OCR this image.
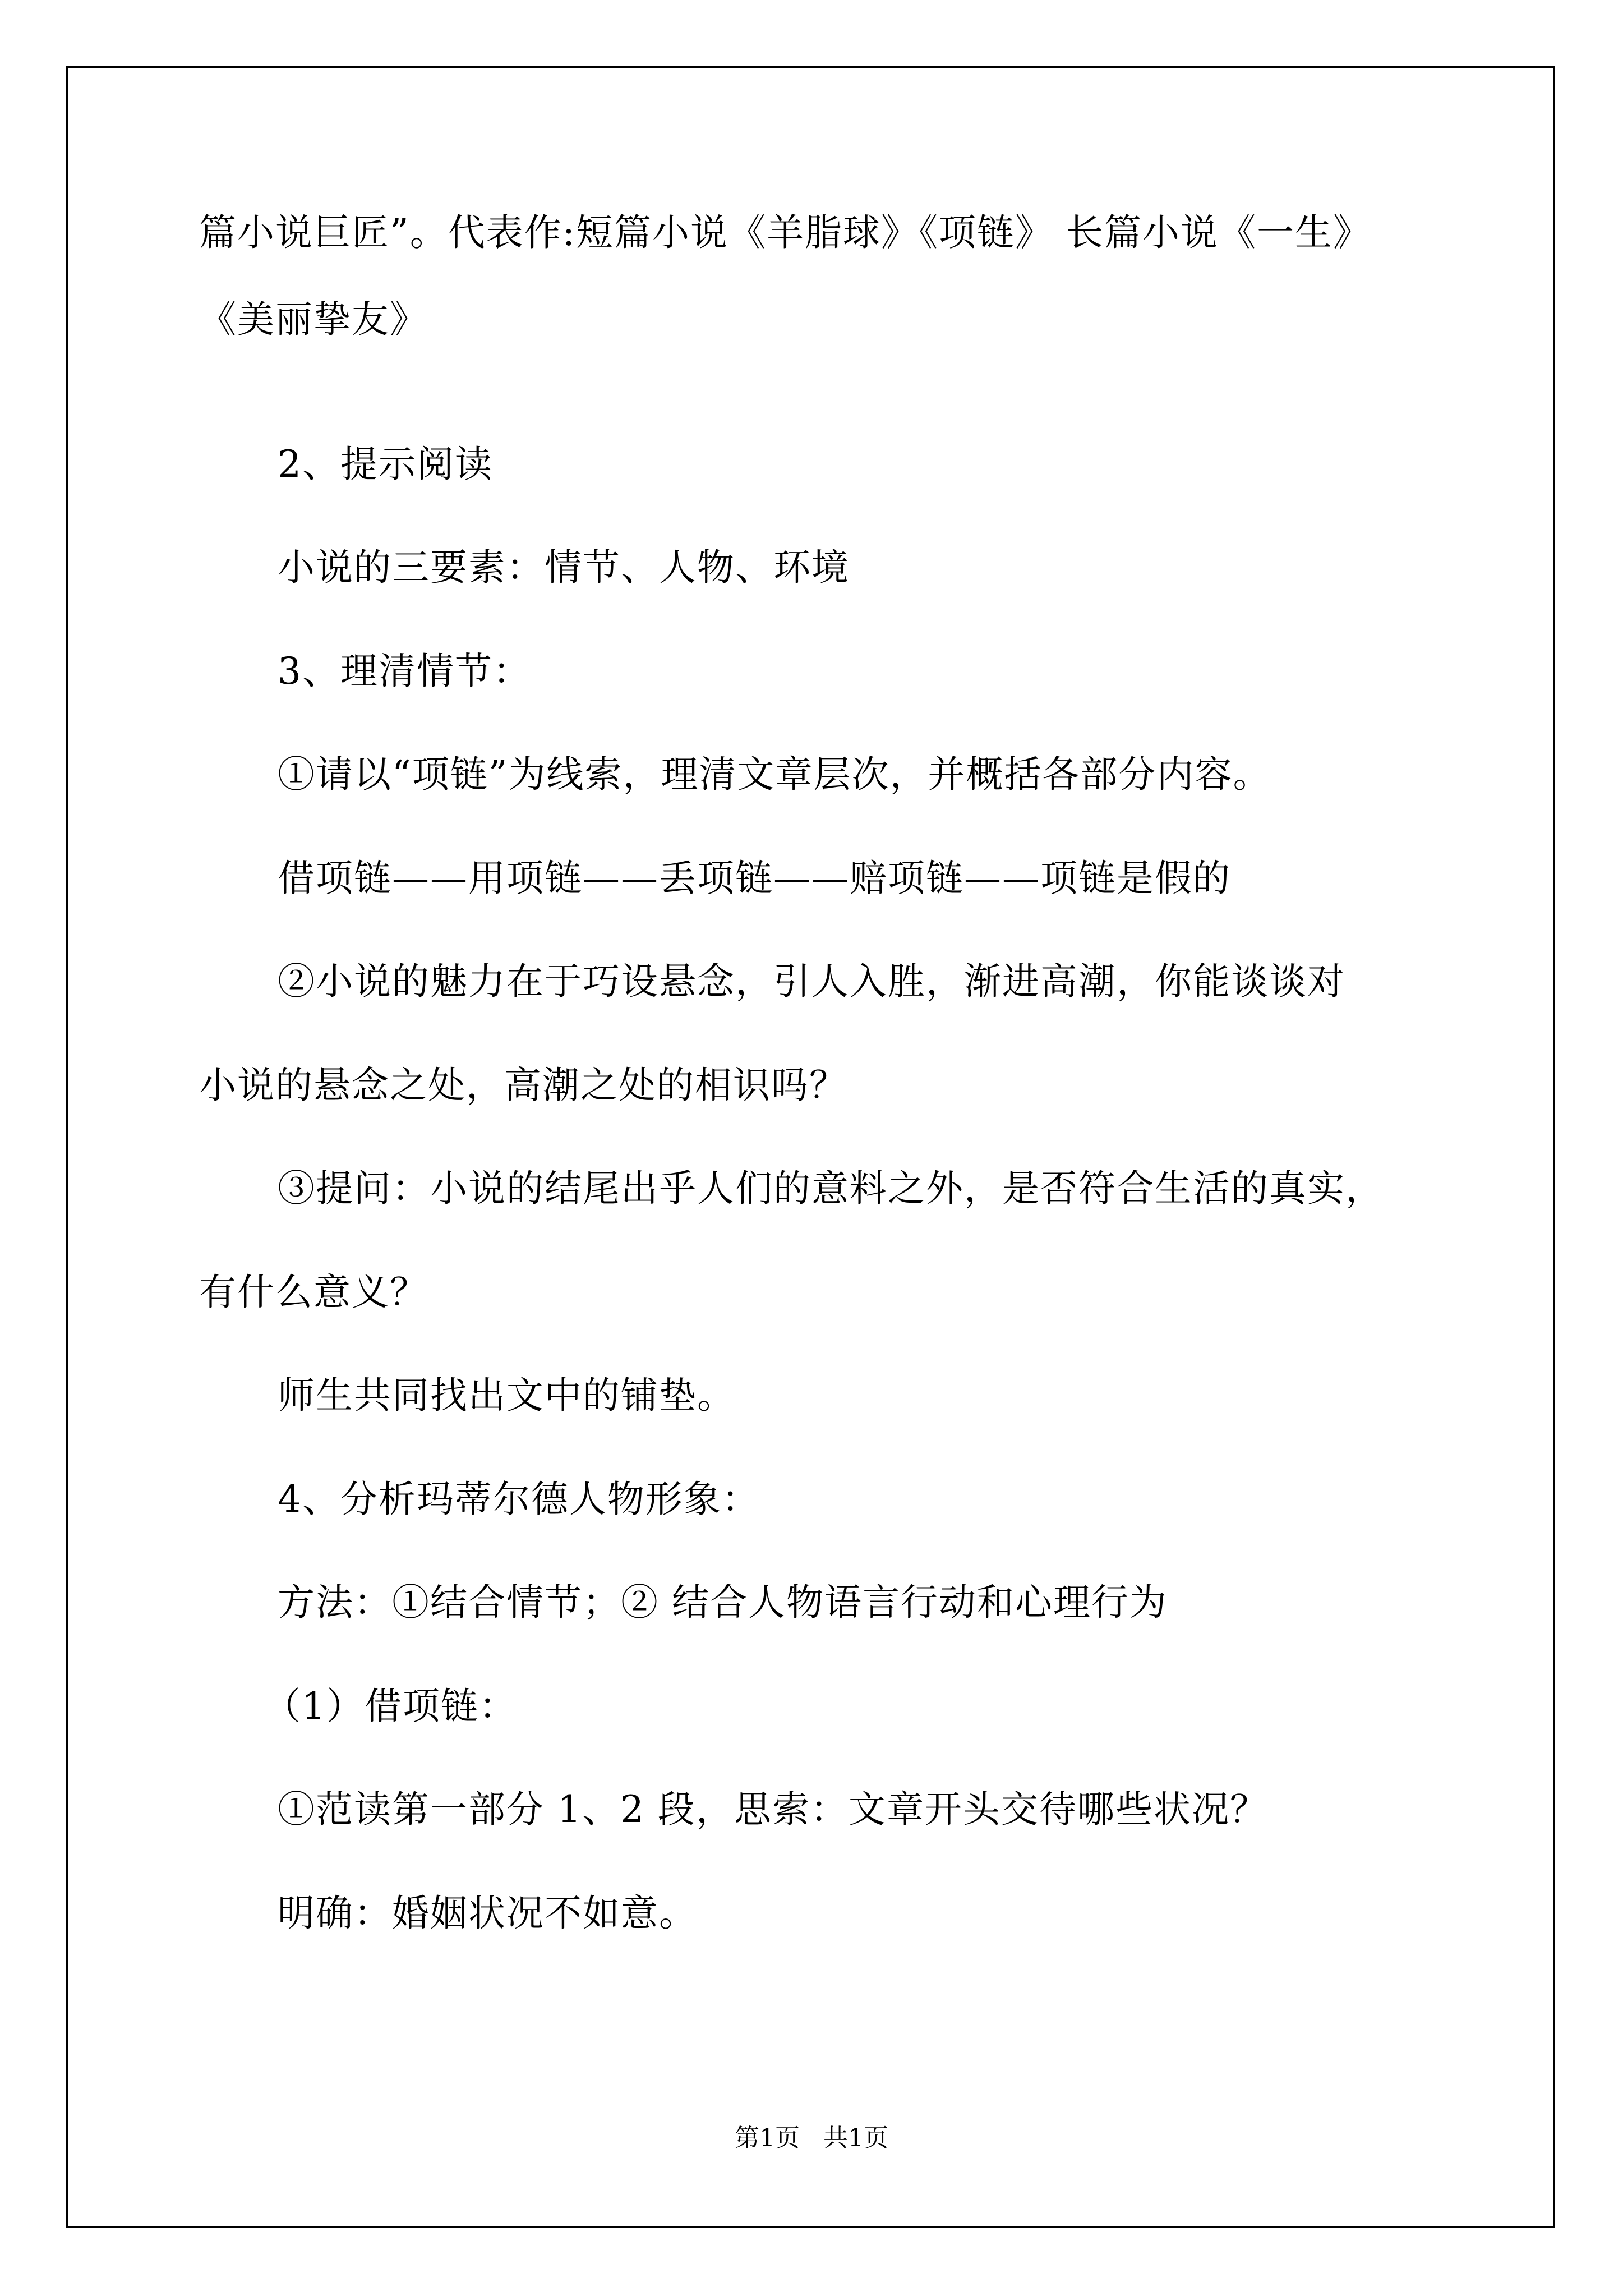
篇小说巨匠”。代表作:短篇小说《羊脂球》《项链》 长篇小说《一生》

《美丽挚友》

2、提示阅读

小说的三要素：情节、人物、环境

3、理清情节：

①请以“项链”为线索，理清文章层次，并概括各部分内容。

借项链——用项链——丢项链——赔项链——项链是假的

②小说的魅力在于巧设悬念，引人入胜，渐进高潮，你能谈谈对

小说的悬念之处，高潮之处的相识吗？

③提问：小说的结尾出乎人们的意料之外，是否符合生活的真实，

有什么意义？

师生共同找出文中的铺垫。

4、分析玛蒂尔德人物形象：

方法：①结合情节；② 结合人物语言行动和心理行为

（1）借项链：

①范读第一部分 1、2 段，思索：文章开头交待哪些状况？

明确：婚姻状况不如意。

第1页   共1页
